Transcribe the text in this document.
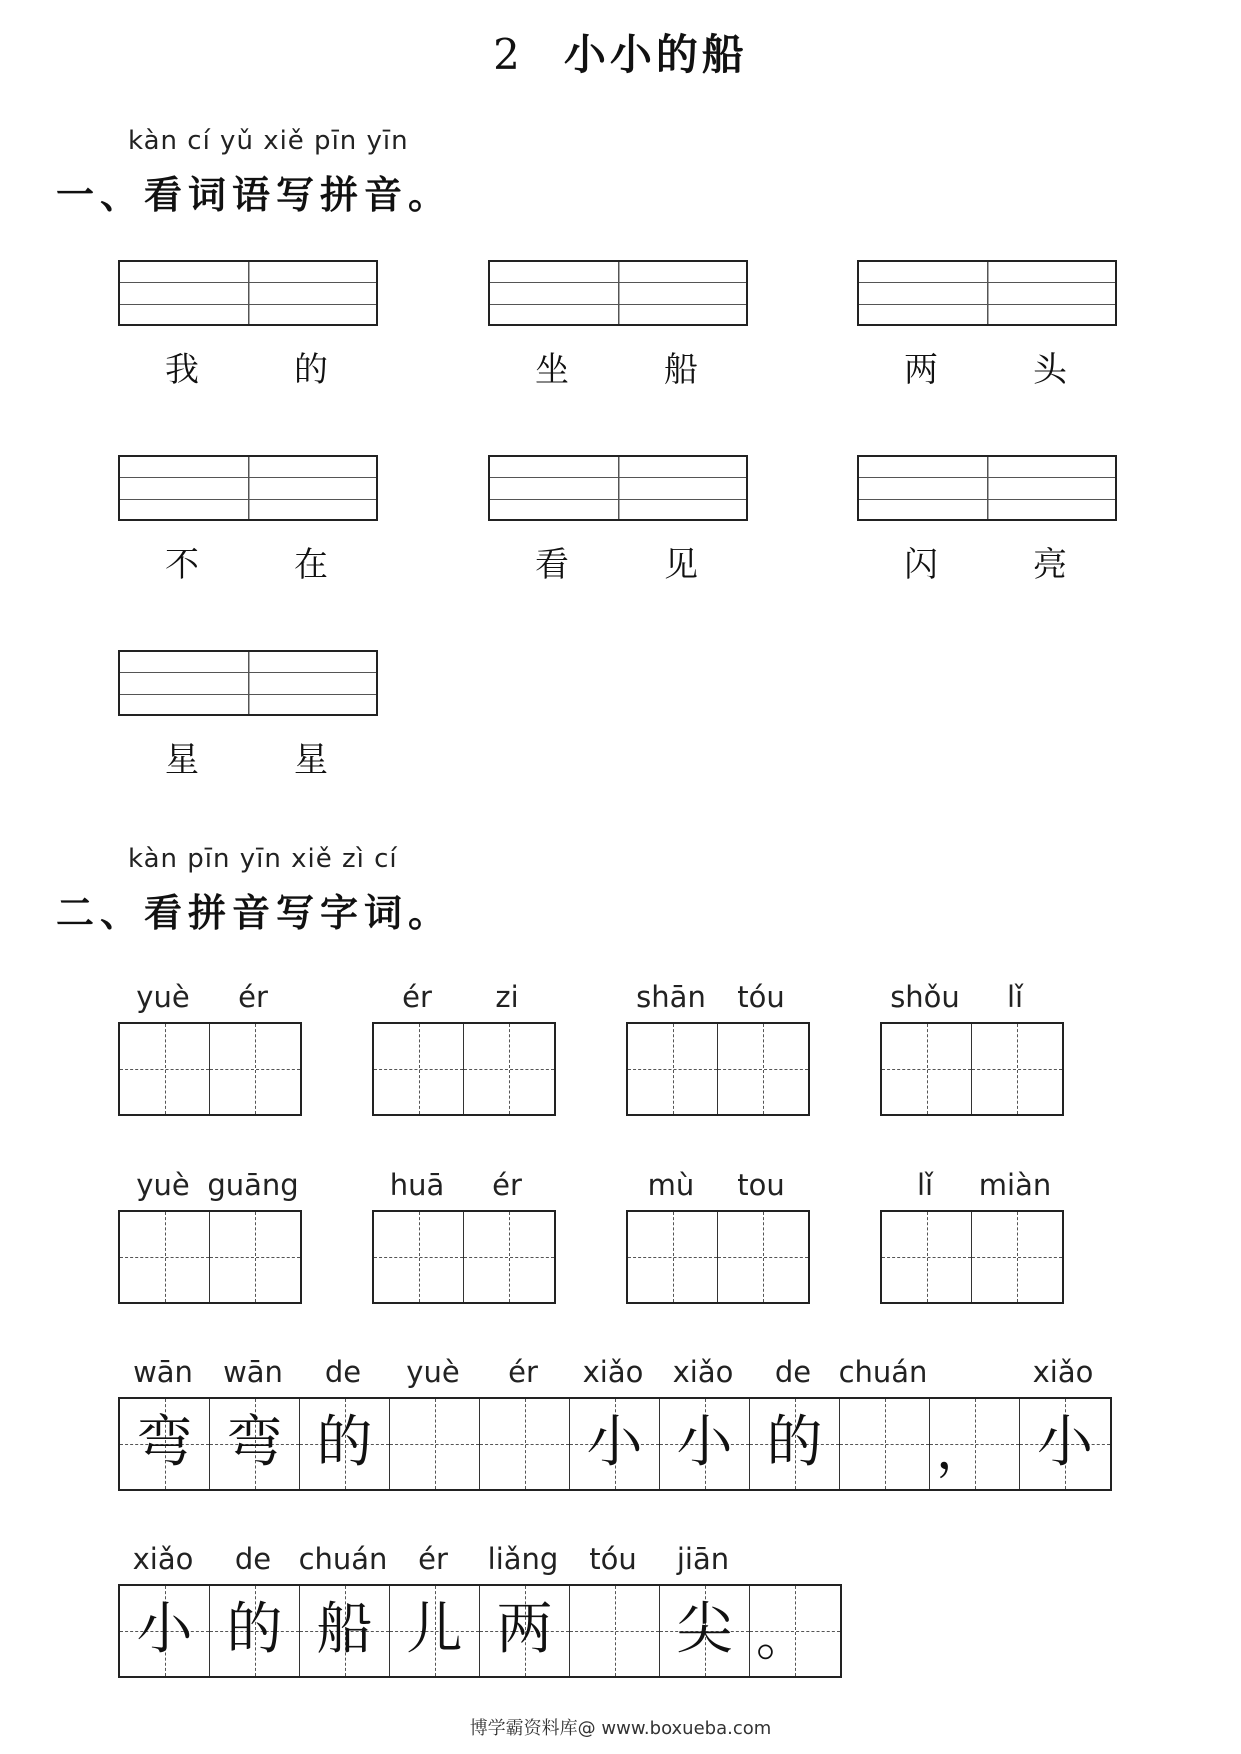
2 小小的船
kàn cí yǔ xiě pīn yīn
一、看词语写拼音。
我	的	坐	船	两	头
不	在	看	见	闪	亮
星	星
kàn pīn yīn xiě zì cí
二、看拼音写字词。
yuè ér	ér zi	shān tóu	shǒu lǐ
yuè guāng	huā ér	mù tou	lǐ miàn
wān wān de yuè ér xiǎo xiǎo de chuán	xiǎo
弯 弯 的	小 小 的	， 小
xiǎo de chuán ér liǎng tóu jiān
小 的 船 儿 两	尖 。
博学霸资料库@ www.boxueba.com
